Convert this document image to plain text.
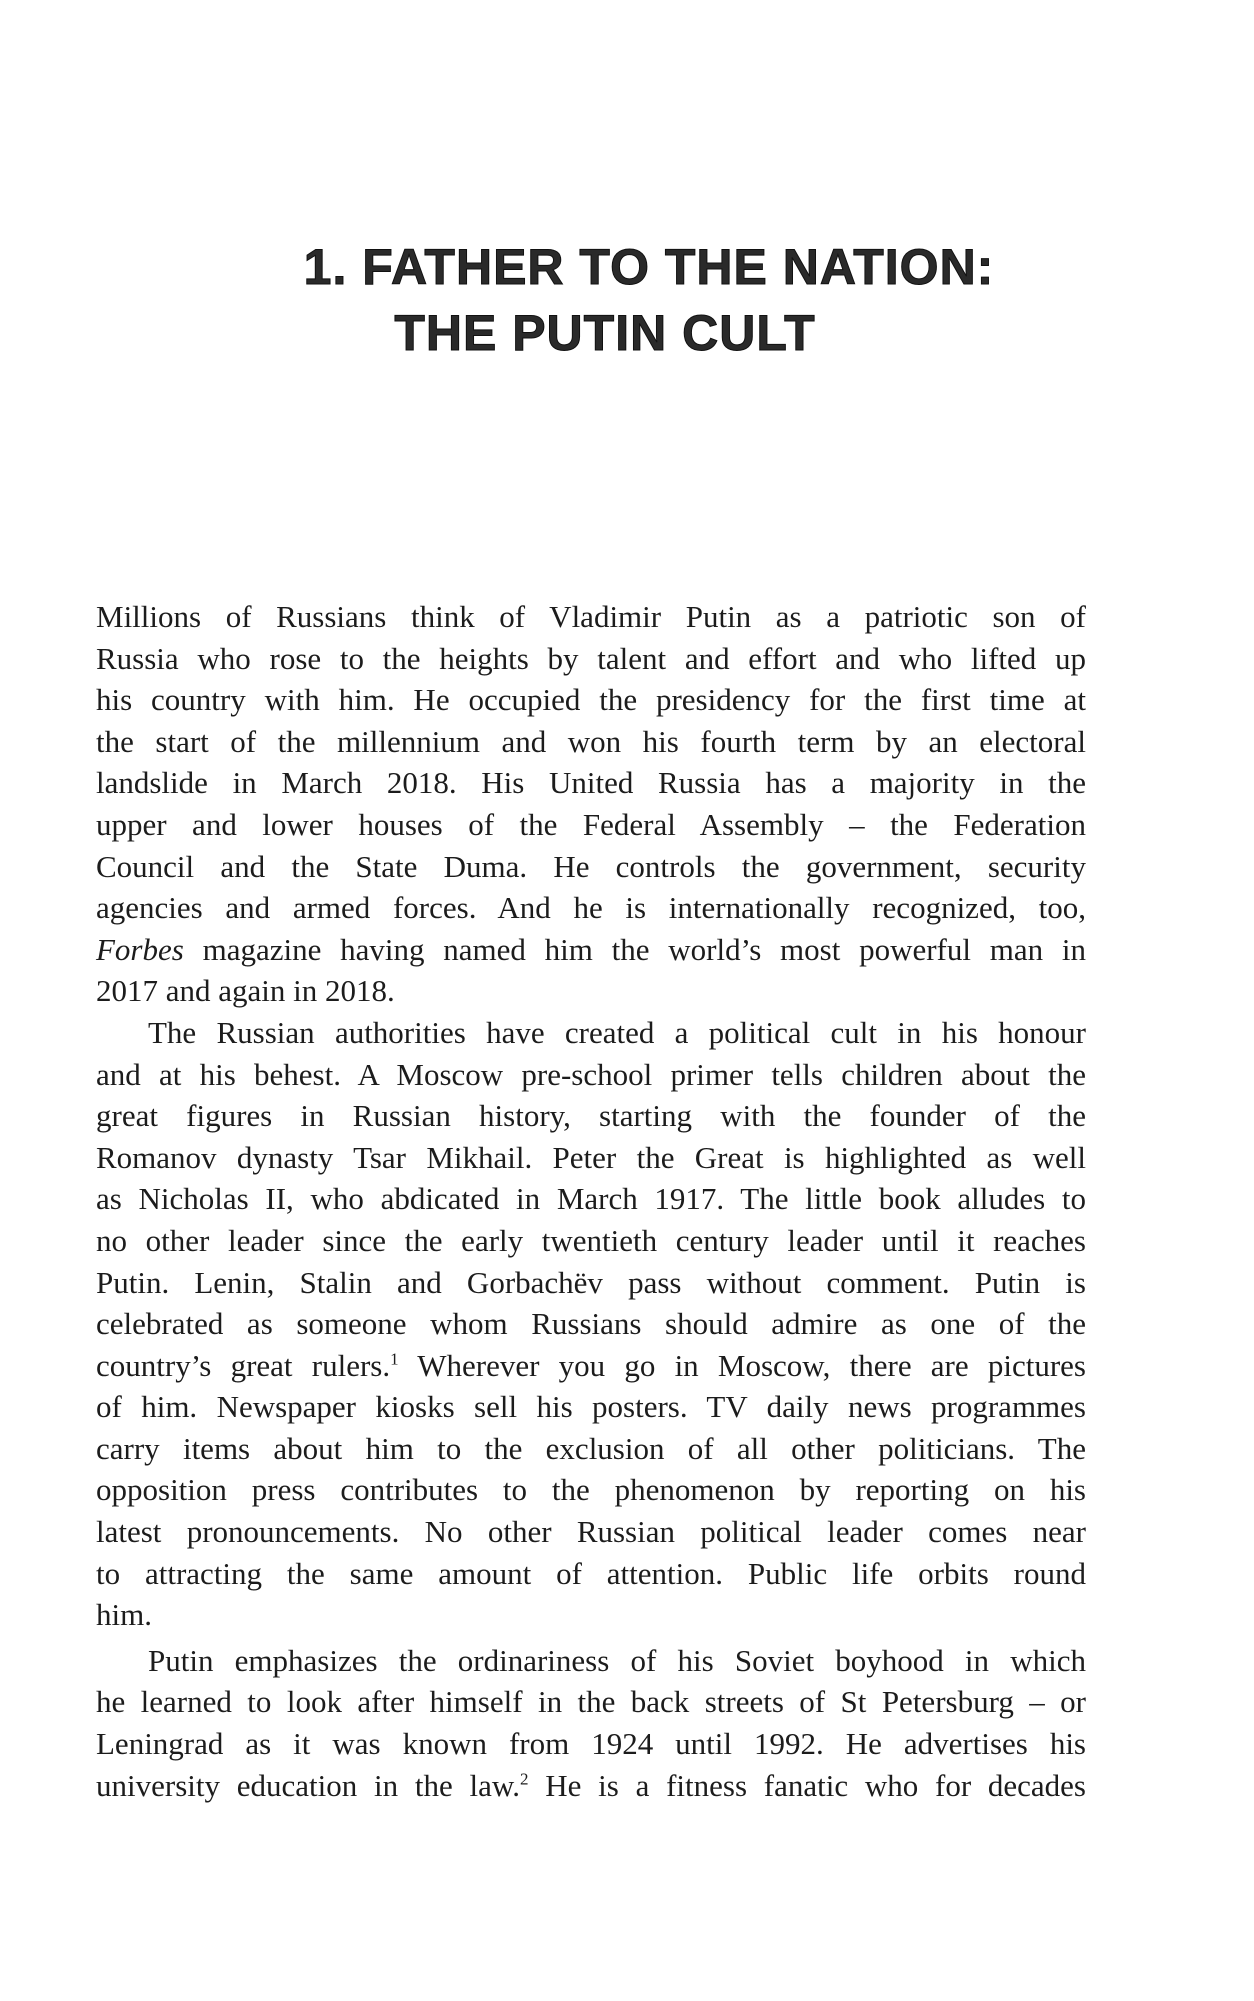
1. FATHER TO THE NATION:
THE PUTIN CULT
Millions of Russians think of Vladimir Putin as a patriotic son of
Russia who rose to the heights by talent and effort and who lifted up
his country with him. He occupied the presidency for the first time at
the start of the millennium and won his fourth term by an electoral
landslide in March 2018. His United Russia has a majority in the
upper and lower houses of the Federal Assembly – the Federation
Council and the State Duma. He controls the government, security
agencies and armed forces. And he is internationally recognized, too,
Forbes magazine having named him the world’s most powerful man in
2017 and again in 2018.
The Russian authorities have created a political cult in his honour
and at his behest. A Moscow pre-school primer tells children about the
great figures in Russian history, starting with the founder of the
Romanov dynasty Tsar Mikhail. Peter the Great is highlighted as well
as Nicholas II, who abdicated in March 1917. The little book alludes to
no other leader since the early twentieth century leader until it reaches
Putin. Lenin, Stalin and Gorbachëv pass without comment. Putin is
celebrated as someone whom Russians should admire as one of the
country’s great rulers.$^1$ Wherever you go in Moscow, there are pictures
of him. Newspaper kiosks sell his posters. TV daily news programmes
carry items about him to the exclusion of all other politicians. The
opposition press contributes to the phenomenon by reporting on his
latest pronouncements. No other Russian political leader comes near
to attracting the same amount of attention. Public life orbits round
him.
Putin emphasizes the ordinariness of his Soviet boyhood in which
he learned to look after himself in the back streets of St Petersburg – or
Leningrad as it was known from 1924 until 1992. He advertises his
university education in the law.$^2$ He is a fitness fanatic who for decades
